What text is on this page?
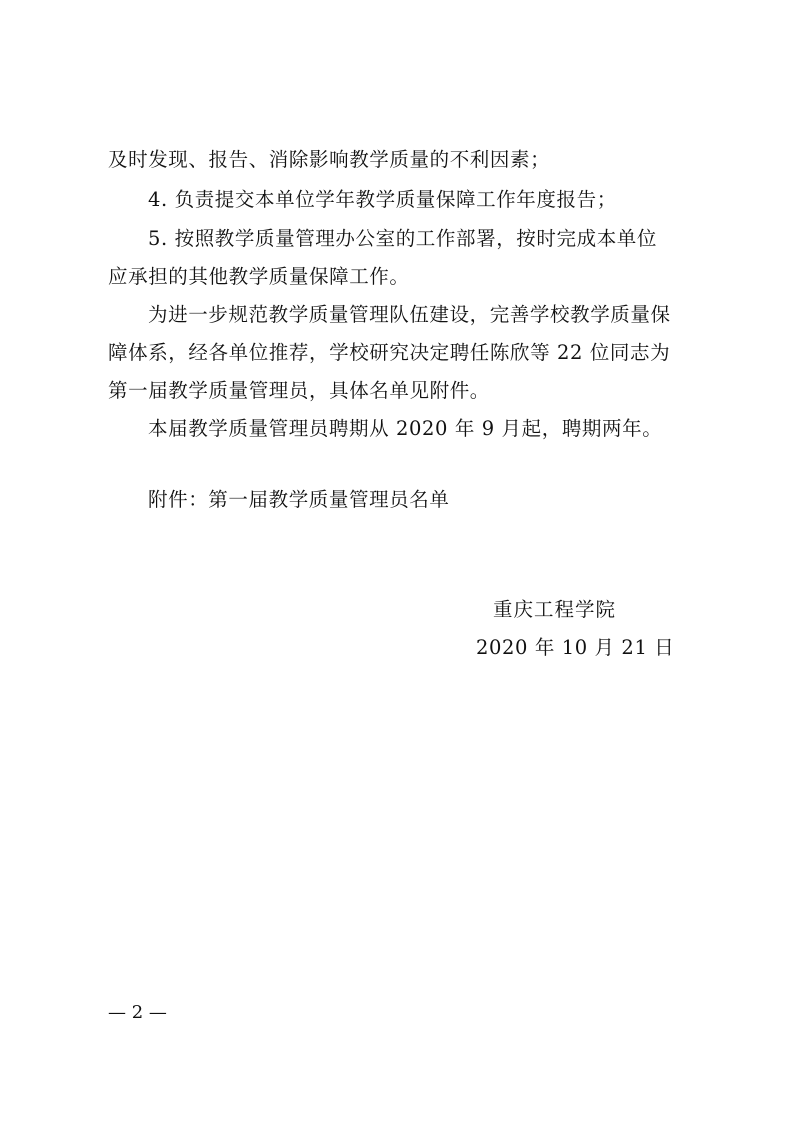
及时发现、报告、消除影响教学质量的不利因素；
4. 负责提交本单位学年教学质量保障工作年度报告；
5. 按照教学质量管理办公室的工作部署，按时完成本单位
应承担的其他教学质量保障工作。
为进一步规范教学质量管理队伍建设，完善学校教学质量保
障体系，经各单位推荐，学校研究决定聘任陈欣等 22 位同志为
第一届教学质量管理员，具体名单见附件。
本届教学质量管理员聘期从 2020 年 9 月起，聘期两年。
附件：第一届教学质量管理员名单
重庆工程学院
2020 年 10 月 21 日
— 2 —
